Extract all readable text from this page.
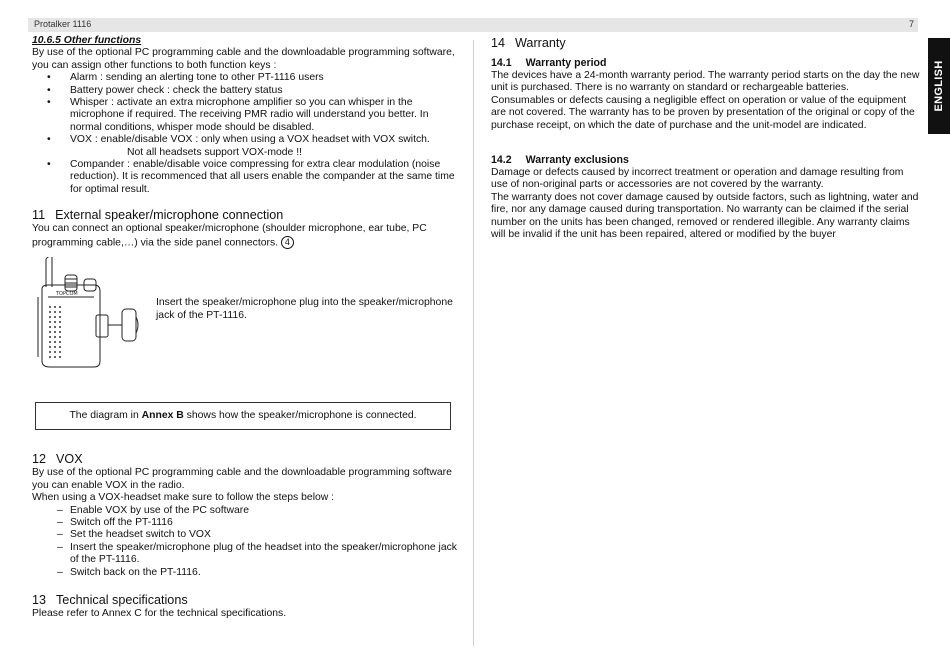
Protalker 1116	7
ENGLISH

10.6.5 Other functions

By use of the optional PC programming cable and the downloadable programming software, you can assign other functions to both function keys :

• Alarm : sending an alerting tone to other PT-1116 users
• Battery power check : check the battery status
• Whisper : activate an extra microphone amplifier so you can whisper in the microphone if required. The receiving PMR radio will understand you better. In normal conditions, whisper mode should be disabled.
• VOX : enable/disable VOX : only when using a VOX headset with VOX switch.
Not all headsets support VOX-mode !!
• Compander : enable/disable voice compressing for extra clear modulation (noise reduction). It is recommenced that all users enable the compander at the same time for optimal result.

11 External speaker/microphone connection

You can connect an optional speaker/microphone (shoulder microphone, ear tube, PC programming cable,…) via the side panel connectors. 4

TOPCOM

Insert the speaker/microphone plug into the speaker/microphone jack of the PT-1116.

The diagram in Annex B shows how the speaker/microphone is connected.

12 VOX

By use of the optional PC programming cable and the downloadable programming software you can enable VOX in the radio.

When using a VOX-headset make sure to follow the steps below :

– Enable VOX by use of the PC software
– Switch off the PT-1116
– Set the headset switch to VOX
– Insert the speaker/microphone plug of the headset into the speaker/microphone jack of the PT-1116.
– Switch back on the PT-1116.

13 Technical specifications

Please refer to Annex C for the technical specifications.

14 Warranty

14.1 Warranty period

The devices have a 24-month warranty period. The warranty period starts on the day the new unit is purchased. There is no warranty on standard or rechargeable batteries.

Consumables or defects causing a negligible effect on operation or value of the equipment are not covered. The warranty has to be proven by presentation of the original or copy of the purchase receipt, on which the date of purchase and the unit-model are indicated.

14.2 Warranty exclusions

Damage or defects caused by incorrect treatment or operation and damage resulting from use of non-original parts or accessories are not covered by the warranty.

The warranty does not cover damage caused by outside factors, such as lightning, water and fire, nor any damage caused during transportation. No warranty can be claimed if the serial number on the units has been changed, removed or rendered illegible. Any warranty claims will be invalid if the unit has been repaired, altered or modified by the buyer
